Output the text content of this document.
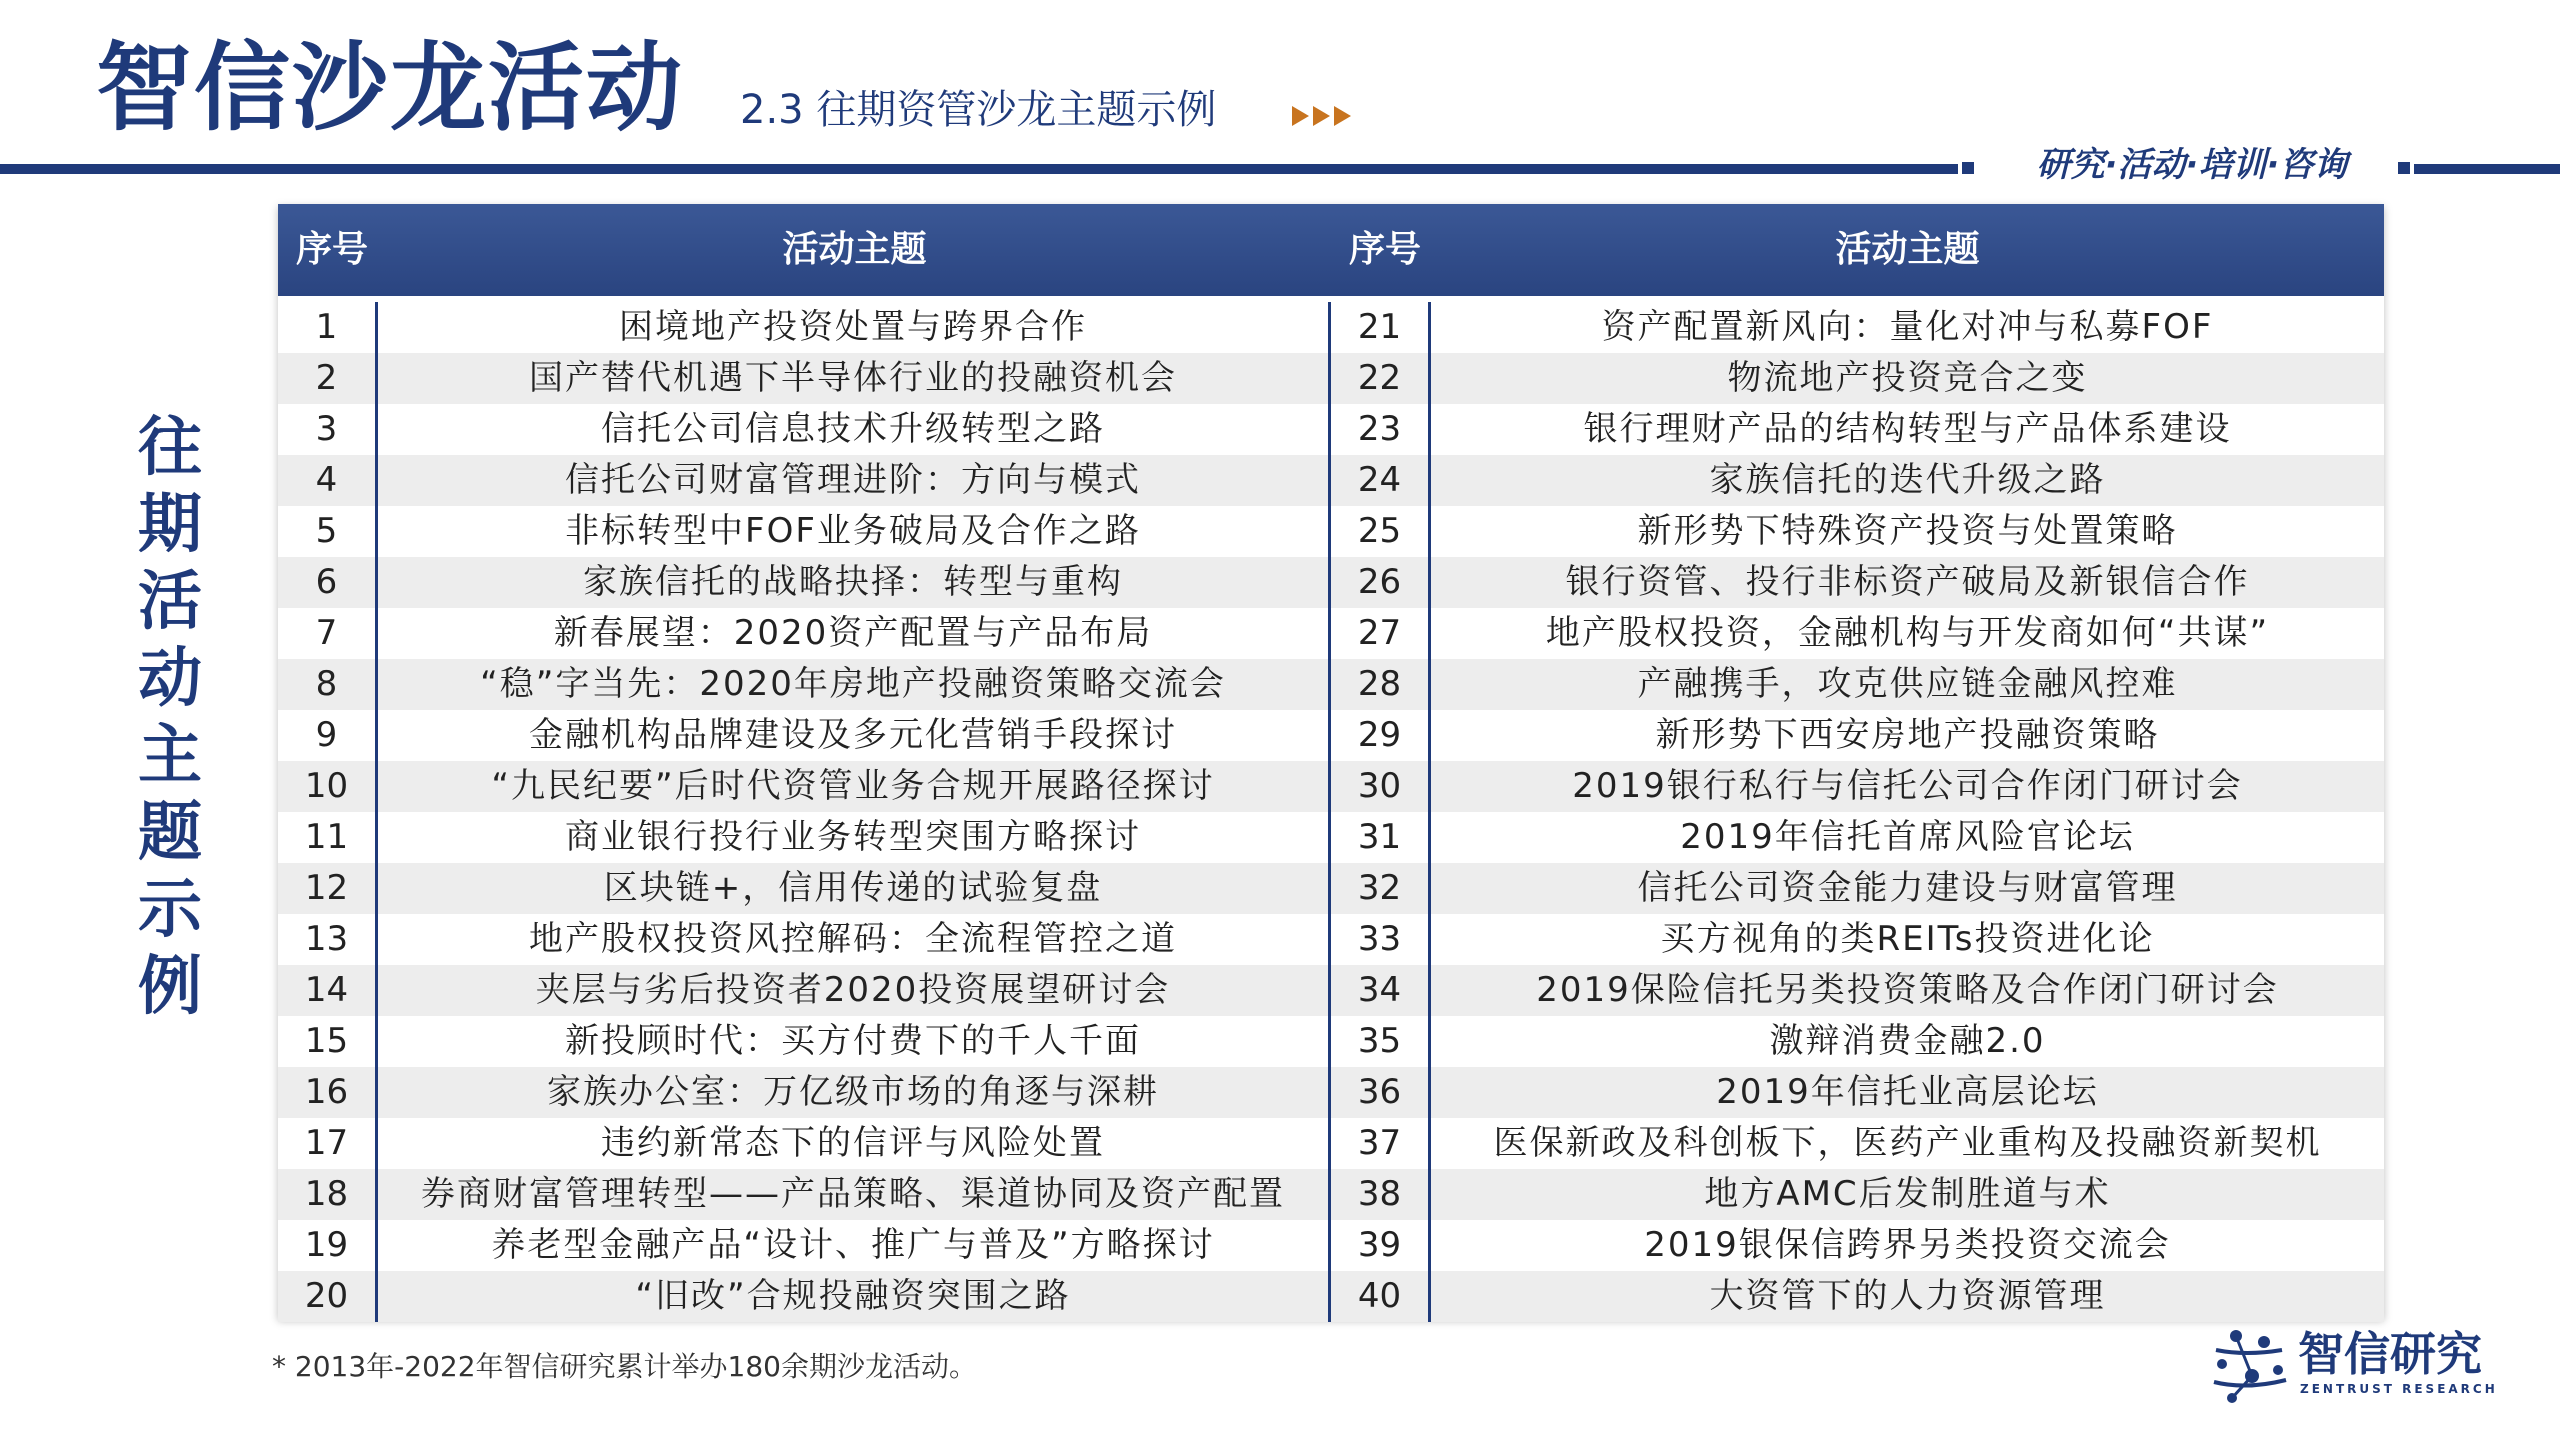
智信沙龙活动 2.3 往期资管沙龙主题示例
研究·活动·培训·咨询
往
期
活
动
主
题
示
例
序号	活动主题	序号	活动主题
1	困境地产投资处置与跨界合作	21	资产配置新风向：量化对冲与私募FOF
2	国产替代机遇下半导体行业的投融资机会	22	物流地产投资竞合之变
3	信托公司信息技术升级转型之路	23	银行理财产品的结构转型与产品体系建设
4	信托公司财富管理进阶：方向与模式	24	家族信托的迭代升级之路
5	非标转型中FOF业务破局及合作之路	25	新形势下特殊资产投资与处置策略
6	家族信托的战略抉择：转型与重构	26	银行资管、投行非标资产破局及新银信合作
7	新春展望：2020资产配置与产品布局	27	地产股权投资，金融机构与开发商如何“共谋”
8	“稳”字当先：2020年房地产投融资策略交流会	28	产融携手，攻克供应链金融风控难
9	金融机构品牌建设及多元化营销手段探讨	29	新形势下西安房地产投融资策略
10	“九民纪要”后时代资管业务合规开展路径探讨	30	2019银行私行与信托公司合作闭门研讨会
11	商业银行投行业务转型突围方略探讨	31	2019年信托首席风险官论坛
12	区块链+，信用传递的试验复盘	32	信托公司资金能力建设与财富管理
13	地产股权投资风控解码：全流程管控之道	33	买方视角的类REITs投资进化论
14	夹层与劣后投资者2020投资展望研讨会	34	2019保险信托另类投资策略及合作闭门研讨会
15	新投顾时代：买方付费下的千人千面	35	激辩消费金融2.0
16	家族办公室：万亿级市场的角逐与深耕	36	2019年信托业高层论坛
17	违约新常态下的信评与风险处置	37	医保新政及科创板下，医药产业重构及投融资新契机
18	券商财富管理转型——产品策略、渠道协同及资产配置	38	地方AMC后发制胜道与术
19	养老型金融产品“设计、推广与普及”方略探讨	39	2019银保信跨界另类投资交流会
20	“旧改”合规投融资突围之路	40	大资管下的人力资源管理
* 2013年-2022年智信研究累计举办180余期沙龙活动。	智信研究
ZENTRUST RESEARCH
